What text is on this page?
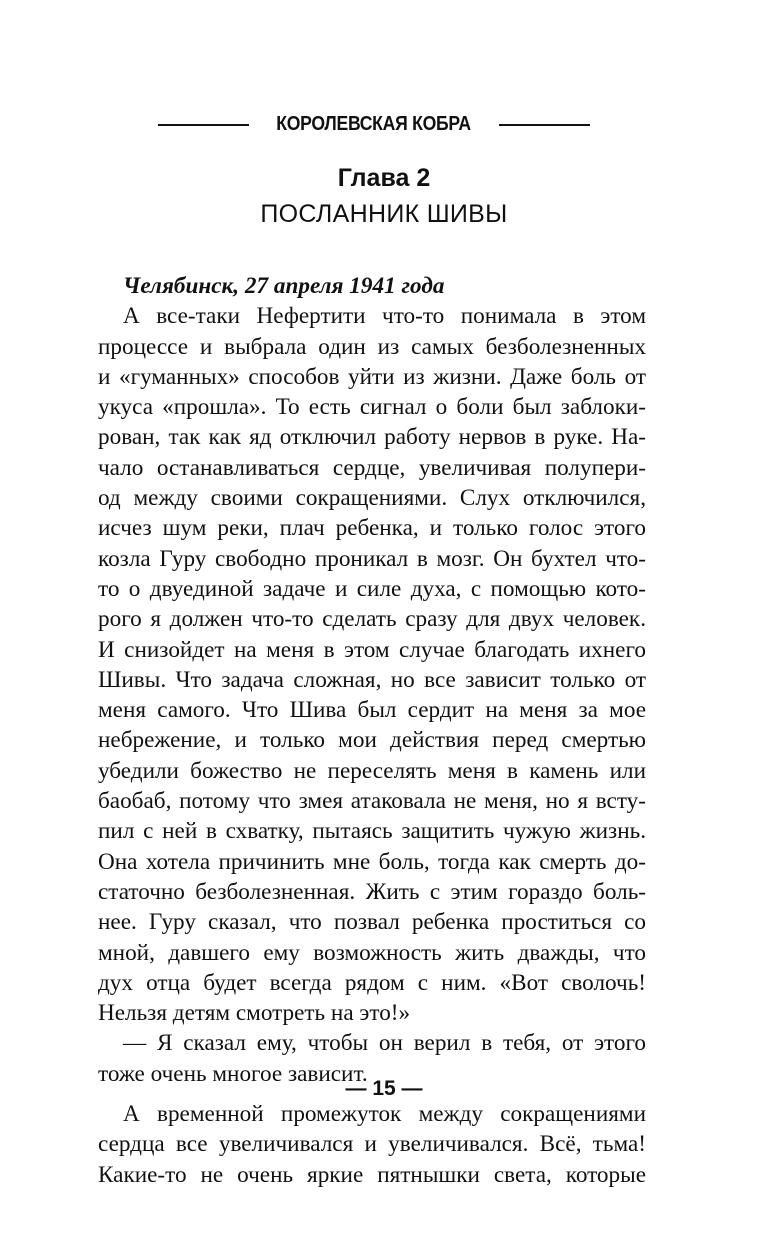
КОРОЛЕВСКАЯ КОБРА
Глава 2
ПОСЛАННИК ШИВЫ
Челябинск, 27 апреля 1941 года
А все-таки Нефертити что-то понимала в этом
процессе и выбрала один из самых безболезненных
и «гуманных» способов уйти из жизни. Даже боль от
укуса «прошла». То есть сигнал о боли был заблоки-
рован, так как яд отключил работу нервов в руке. На-
чало останавливаться сердце, увеличивая полупери-
од между своими сокращениями. Слух отключился,
исчез шум реки, плач ребенка, и только голос этого
козла Гуру свободно проникал в мозг. Он бухтел что-
то о двуединой задаче и силе духа, с помощью кото-
рого я должен что-то сделать сразу для двух человек.
И снизойдет на меня в этом случае благодать ихнего
Шивы. Что задача сложная, но все зависит только от
меня самого. Что Шива был сердит на меня за мое
небрежение, и только мои действия перед смертью
убедили божество не переселять меня в камень или
баобаб, потому что змея атаковала не меня, но я всту-
пил с ней в схватку, пытаясь защитить чужую жизнь.
Она хотела причинить мне боль, тогда как смерть до-
статочно безболезненная. Жить с этим гораздо боль-
нее. Гуру сказал, что позвал ребенка проститься со
мной, давшего ему возможность жить дважды, что
дух отца будет всегда рядом с ним. «Вот сволочь!
Нельзя детям смотреть на это!»
— Я сказал ему, чтобы он верил в тебя, от этого
тоже очень многое зависит.
А временной промежуток между сокращениями
сердца все увеличивался и увеличивался. Всё, тьма!
Какие-то не очень яркие пятнышки света, которые
— 15 —
